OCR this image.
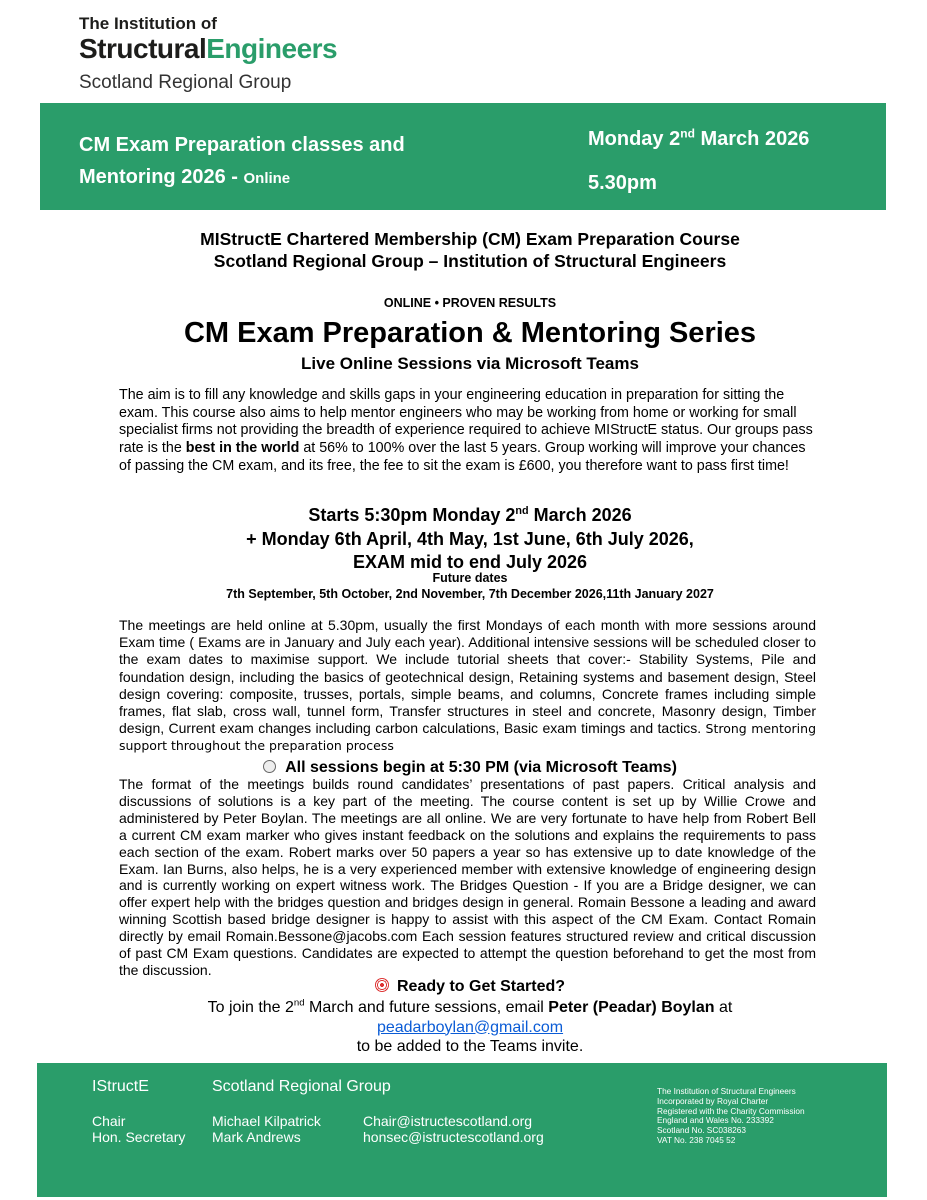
The Institution of
StructuralEngineers
Scotland Regional Group
CM Exam Preparation classes and
Mentoring 2026 - Online
Monday 2nd March 2026
5.30pm
MIStructE Chartered Membership (CM) Exam Preparation Course
Scotland Regional Group – Institution of Structural Engineers
ONLINE • PROVEN RESULTS
CM Exam Preparation & Mentoring Series
Live Online Sessions via Microsoft Teams
The aim is to fill any knowledge and skills gaps in your engineering education in preparation for sitting the exam. This course also aims to help mentor engineers who may be working from home or working for small specialist firms not providing the breadth of experience required to achieve MIStructE status. Our groups pass rate is the best in the world at 56% to 100% over the last 5 years. Group working will improve your chances of passing the CM exam, and its free, the fee to sit the exam is £600, you therefore want to pass first time!
Starts 5:30pm Monday 2nd March 2026
+ Monday 6th April, 4th May, 1st June, 6th July 2026,
EXAM mid to end July 2026
Future dates
7th September, 5th October, 2nd November, 7th December 2026,11th January 2027
The meetings are held online at 5.30pm, usually the first Mondays of each month with more sessions around Exam time ( Exams are in January and July each year). Additional intensive sessions will be scheduled closer to the exam dates to maximise support. We include tutorial sheets that cover:- Stability Systems, Pile and foundation design, including the basics of geotechnical design, Retaining systems and basement design, Steel design covering: composite, trusses, portals, simple beams, and columns, Concrete frames including simple frames, flat slab, cross wall, tunnel form, Transfer structures in steel and concrete, Masonry design, Timber design, Current exam changes including carbon calculations, Basic exam timings and tactics. Strong mentoring support throughout the preparation process
All sessions begin at 5:30 PM (via Microsoft Teams)
The format of the meetings builds round candidates’ presentations of past papers. Critical analysis and discussions of solutions is a key part of the meeting. The course content is set up by Willie Crowe and administered by Peter Boylan. The meetings are all online. We are very fortunate to have help from Robert Bell a current CM exam marker who gives instant feedback on the solutions and explains the requirements to pass each section of the exam. Robert marks over 50 papers a year so has extensive up to date knowledge of the Exam. Ian Burns, also helps, he is a very experienced member with extensive knowledge of engineering design and is currently working on expert witness work. The Bridges Question - If you are a Bridge designer, we can offer expert help with the bridges question and bridges design in general. Romain Bessone a leading and award winning Scottish based bridge designer is happy to assist with this aspect of the CM Exam. Contact Romain directly by email Romain.Bessone@jacobs.com Each session features structured review and critical discussion of past CM Exam questions. Candidates are expected to attempt the question beforehand to get the most from the discussion.
Ready to Get Started?
To join the 2nd March and future sessions, email Peter (Peadar) Boylan at
peadarboylan@gmail.com
to be added to the Teams invite.
IStructE	Scotland Regional Group
Chair
Hon. Secretary
Michael Kilpatrick
Mark Andrews
Chair@istructescotland.org
honsec@istructescotland.org
The Institution of Structural Engineers
Incorporated by Royal Charter
Registered with the Charity Commission
England and Wales No. 233392
Scotland No. SC038263
VAT No. 238 7045 52
